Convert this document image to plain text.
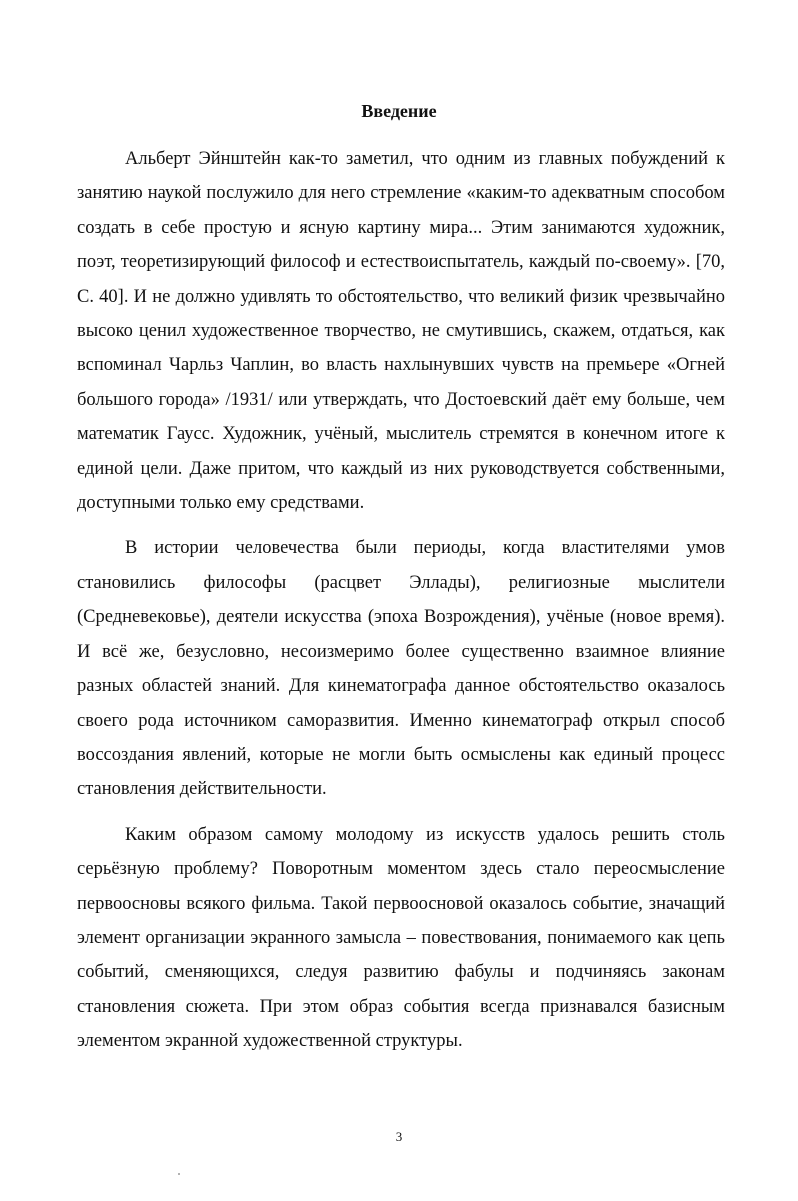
Введение

Альберт Эйнштейн как-то заметил, что одним из главных побуждений к занятию наукой послужило для него стремление «каким-то адекватным способом создать в себе простую и ясную картину мира... Этим занимаются художник, поэт, теоретизирующий философ и естествоиспытатель, каждый по-своему». [70, С. 40]. И не должно удивлять то обстоятельство, что великий физик чрезвычайно высоко ценил художественное творчество, не смутившись, скажем, отдаться, как вспоминал Чарльз Чаплин, во власть нахлынувших чувств на премьере «Огней большого города» /1931/ или утверждать, что Достоевский даёт ему больше, чем математик Гаусс. Художник, учёный, мыслитель стремятся в конечном итоге к единой цели. Даже притом, что каждый из них руководствуется собственными, доступными только ему средствами.

В истории человечества были периоды, когда властителями умов становились философы (расцвет Эллады), религиозные мыслители (Средневековье), деятели искусства (эпоха Возрождения), учёные (новое время). И всё же, безусловно, несоизмеримо более существенно взаимное влияние разных областей знаний. Для кинематографа данное обстоятельство оказалось своего рода источником саморазвития. Именно кинематограф открыл способ воссоздания явлений, которые не могли быть осмыслены как единый процесс становления действительности.

Каким образом самому молодому из искусств удалось решить столь серьёзную проблему? Поворотным моментом здесь стало переосмысление первоосновы всякого фильма. Такой первоосновой оказалось событие, значащий элемент организации экранного замысла – повествования, понимаемого как цепь событий, сменяющихся, следуя развитию фабулы и подчиняясь законам становления сюжета. При этом образ события всегда признавался базисным элементом экранной художественной структуры.

3
